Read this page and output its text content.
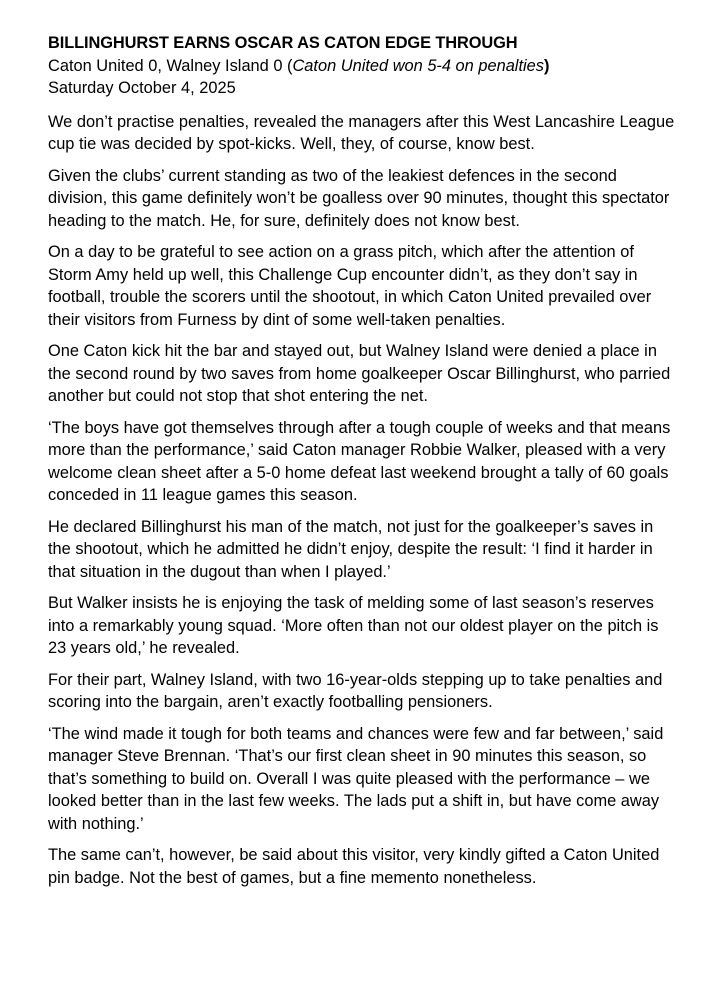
BILLINGHURST EARNS OSCAR AS CATON EDGE THROUGH
Caton United 0, Walney Island 0 (Caton United won 5-4 on penalties)
Saturday October 4, 2025

We don’t practise penalties, revealed the managers after this West Lancashire League cup tie was decided by spot-kicks. Well, they, of course, know best.

Given the clubs’ current standing as two of the leakiest defences in the second division, this game definitely won’t be goalless over 90 minutes, thought this spectator heading to the match. He, for sure, definitely does not know best.

On a day to be grateful to see action on a grass pitch, which after the attention of Storm Amy held up well, this Challenge Cup encounter didn’t, as they don’t say in football, trouble the scorers until the shootout, in which Caton United prevailed over their visitors from Furness by dint of some well-taken penalties.

One Caton kick hit the bar and stayed out, but Walney Island were denied a place in the second round by two saves from home goalkeeper Oscar Billinghurst, who parried another but could not stop that shot entering the net.

‘The boys have got themselves through after a tough couple of weeks and that means more than the performance,’ said Caton manager Robbie Walker, pleased with a very welcome clean sheet after a 5-0 home defeat last weekend brought a tally of 60 goals conceded in 11 league games this season.

He declared Billinghurst his man of the match, not just for the goalkeeper’s saves in the shootout, which he admitted he didn’t enjoy, despite the result: ‘I find it harder in that situation in the dugout than when I played.’

But Walker insists he is enjoying the task of melding some of last season’s reserves into a remarkably young squad. ‘More often than not our oldest player on the pitch is 23 years old,’ he revealed.

For their part, Walney Island, with two 16-year-olds stepping up to take penalties and scoring into the bargain, aren’t exactly footballing pensioners.

‘The wind made it tough for both teams and chances were few and far between,’ said manager Steve Brennan. ‘That’s our first clean sheet in 90 minutes this season, so that’s something to build on. Overall I was quite pleased with the performance – we looked better than in the last few weeks. The lads put a shift in, but have come away with nothing.’

The same can’t, however, be said about this visitor, very kindly gifted a Caton United pin badge. Not the best of games, but a fine memento nonetheless.
